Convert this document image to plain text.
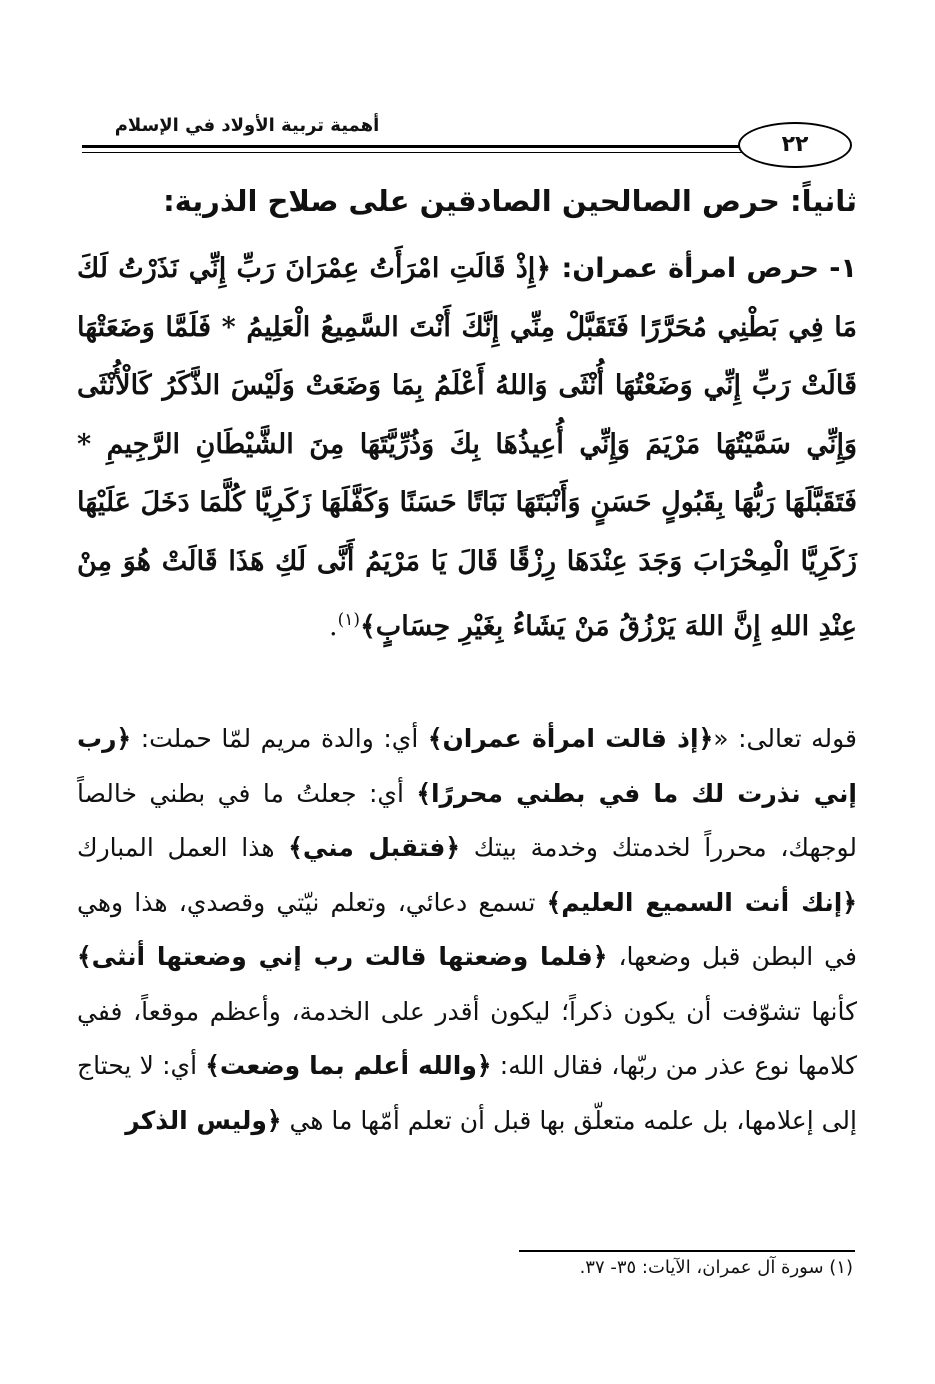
أهمية تربية الأولاد في الإسلام
٢٢
ثانياً: حرص الصالحين الصادقين على صلاح الذرية:
١- حرص امرأة عمران: ﴿إِذْ قَالَتِ امْرَأَتُ عِمْرَانَ رَبِّ إِنِّي نَذَرْتُ لَكَ مَا فِي بَطْنِي مُحَرَّرًا فَتَقَبَّلْ مِنِّي إِنَّكَ أَنْتَ السَّمِيعُ الْعَلِيمُ * فَلَمَّا وَضَعَتْهَا قَالَتْ رَبِّ إِنِّي وَضَعْتُهَا أُنْثَى وَاللهُ أَعْلَمُ بِمَا وَضَعَتْ وَلَيْسَ الذَّكَرُ كَالْأُنْثَى وَإِنِّي سَمَّيْتُهَا مَرْيَمَ وَإِنِّي أُعِيذُهَا بِكَ وَذُرِّيَّتَهَا مِنَ الشَّيْطَانِ الرَّجِيمِ * فَتَقَبَّلَهَا رَبُّهَا بِقَبُولٍ حَسَنٍ وَأَنْبَتَهَا نَبَاتًا حَسَنًا وَكَفَّلَهَا زَكَرِيَّا كُلَّمَا دَخَلَ عَلَيْهَا زَكَرِيَّا الْمِحْرَابَ وَجَدَ عِنْدَهَا رِزْقًا قَالَ يَا مَرْيَمُ أَنَّى لَكِ هَذَا قَالَتْ هُوَ مِنْ عِنْدِ اللهِ إِنَّ اللهَ يَرْزُقُ مَنْ يَشَاءُ بِغَيْرِ حِسَابٍ﴾$^{(١)}$.
قوله تعالى: «﴿إذ قالت امرأة عمران﴾ أي: والدة مريم لمّا حملت: ﴿رب إني نذرت لك ما في بطني محررًا﴾ أي: جعلتُ ما في بطني خالصاً لوجهك، محرراً لخدمتك وخدمة بيتك ﴿فتقبل مني﴾ هذا العمل المبارك ﴿إنك أنت السميع العليم﴾ تسمع دعائي، وتعلم نيّتي وقصدي، هذا وهي في البطن قبل وضعها، ﴿فلما وضعتها قالت رب إني وضعتها أنثى﴾ كأنها تشوّفت أن يكون ذكراً؛ ليكون أقدر على الخدمة، وأعظم موقعاً، ففي كلامها نوع عذر من ربّها، فقال الله: ﴿والله أعلم بما وضعت﴾ أي: لا يحتاج إلى إعلامها، بل علمه متعلّق بها قبل أن تعلم أمّها ما هي ﴿وليس الذكر
(١) سورة آل عمران، الآيات: ٣٥- ٣٧.
